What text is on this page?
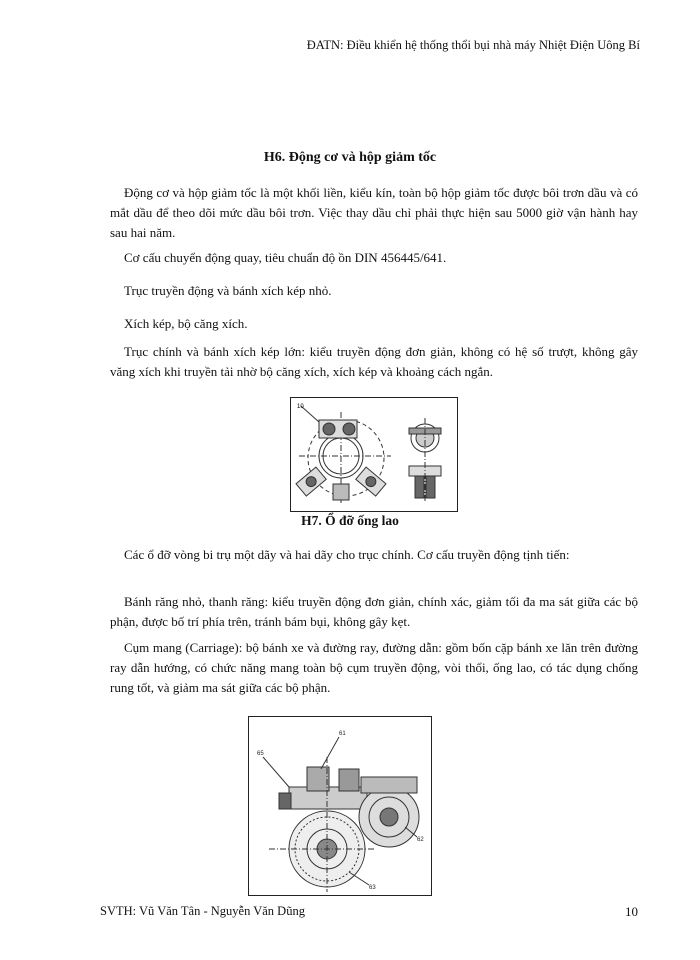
ĐATN: Điều khiển hệ thống thổi bụi nhà máy Nhiệt Điện Uông Bí
H6. Động cơ và hộp giảm tốc
Động cơ và hộp giảm tốc là một khối liền, kiểu kín, toàn bộ hộp giảm tốc được bôi trơn dầu và có mắt dầu để theo dõi mức dầu bôi trơn. Việc thay dầu chỉ phải thực hiện sau 5000 giờ vận hành hay sau hai năm.
Cơ cấu chuyển động quay, tiêu chuẩn độ ồn DIN 456445/641.
Trục truyền động và bánh xích kép nhỏ.
Xích kép, bộ căng xích.
Trục chính và bánh xích kép lớn: kiểu truyền động đơn giản, không có hệ số trượt, không gây văng xích khi truyền tải nhờ bộ căng xích, xích kép và khoảng cách ngắn.
10
H7. Ổ đỡ ống lao
Các ổ đỡ vòng bi trụ một dãy và hai dãy cho trục chính. Cơ cấu truyền động tịnh tiến:
Bánh răng nhỏ, thanh răng: kiểu truyền động đơn giản, chính xác, giảm tối đa ma sát giữa các bộ phận, được bố trí phía trên, tránh bám bụi, không gây kẹt.
Cụm mang (Carriage): bộ bánh xe và đường ray, đường dẫn: gồm bốn cặp bánh xe lăn trên đường ray dẫn hướng, có chức năng mang toàn bộ cụm truyền động, vòi thổi, ống lao, có tác dụng chống rung tốt, và giảm ma sát giữa các bộ phận.
65
61
62
63
SVTH: Vũ Văn Tân - Nguyễn Văn Dũng	10
